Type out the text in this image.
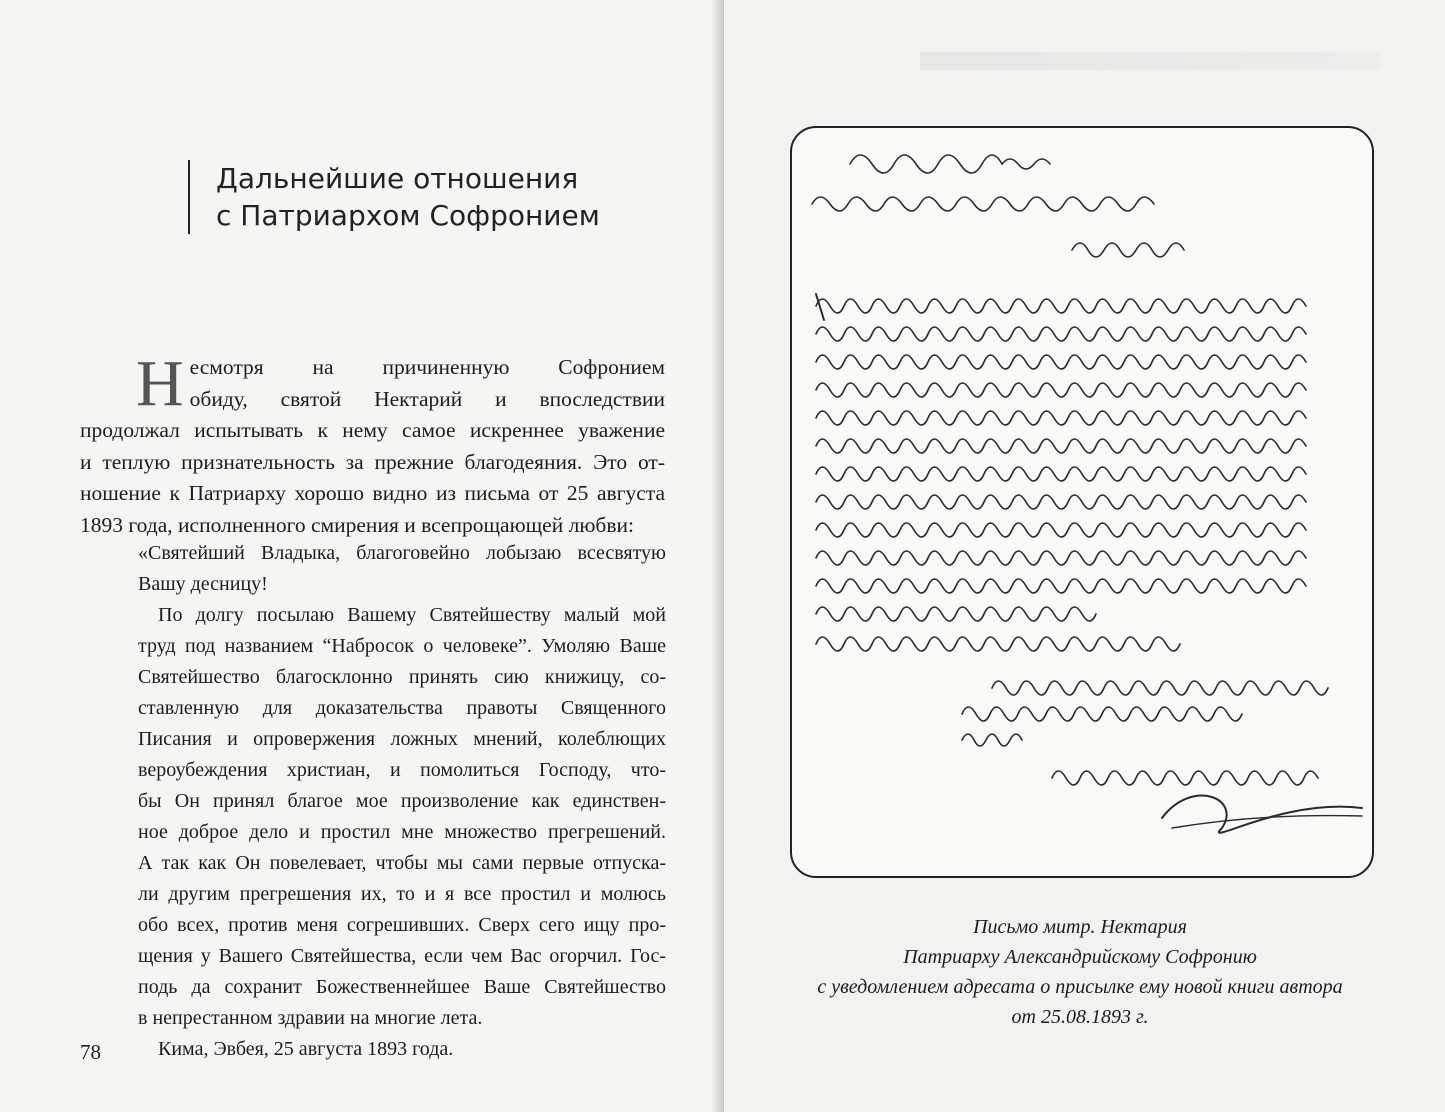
Дальнейшие отношения
с Патриархом Софронием
Н есмотря на причиненную Софронием
обиду, святой Нектарий и впоследствии
продолжал испытывать к нему самое искреннее уважение
и теплую признательность за прежние благодеяния. Это от-
ношение к Патриарху хорошо видно из письма от 25 августа
1893 года, исполненного смирения и всепрощающей любви:
«Святейший Владыка, благоговейно лобызаю всесвятую
Вашу десницу!
По долгу посылаю Вашему Святейшеству малый мой
труд под названием “Набросок о человеке”. Умоляю Ваше
Святейшество благосклонно принять сию книжицу, со-
ставленную для доказательства правоты Священного
Писания и опровержения ложных мнений, колеблющих
вероубеждения христиан, и помолиться Господу, что-
бы Он принял благое мое произволение как единствен-
ное доброе дело и простил мне множество прегрешений.
А так как Он повелевает, чтобы мы сами первые отпуска-
ли другим прегрешения их, то и я все простил и молюсь
обо всех, против меня согрешивших. Сверх сего ищу про-
щения у Вашего Святейшества, если чем Вас огорчил. Гос-
подь да сохранит Божественнейшее Ваше Святейшество
в непрестанном здравии на многие лета.
Кима, Эвбея, 25 августа 1893 года.
78
Письмо митр. Нектария
Патриарху Александрийскому Софронию
с уведомлением адресата о присылке ему новой книги автора
от 25.08.1893 г.
